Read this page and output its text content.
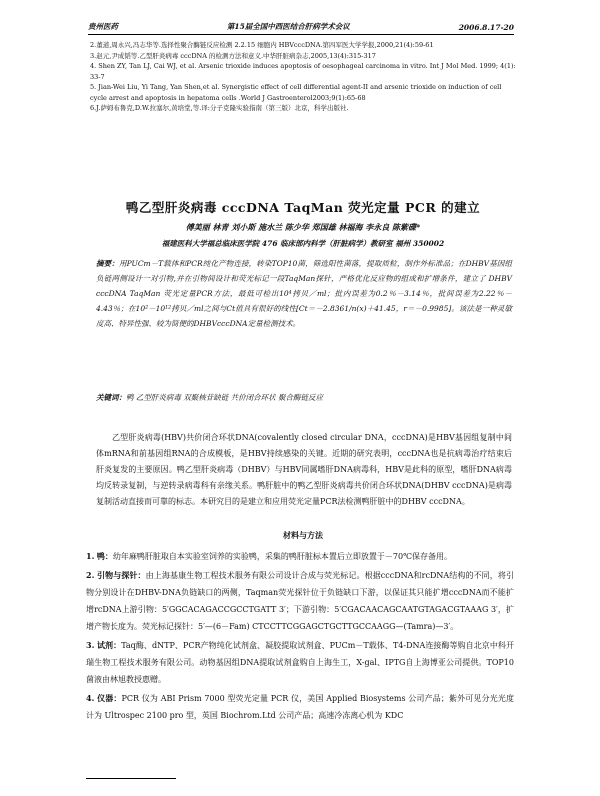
贵州医药	第15届全国中西医结合肝病学术会议	2006.8.17-20

2.董道,周永兴,冯志华等.选择性聚合酶链反应检测 2.2.15 细胞内 HBVcccDNA.第四军医大学学报,2000,21(4):59-61

3.赵元,尹成韬等.乙型肝炎病毒 cccDNA 的检测方法和意义.中华肝脏病杂志,2005,13(4):315-317

4. Shen ZY, Tan LJ, Cai WJ, et al. Arsenic trioxide induces apoptosis of oesophageal carcinoma in vitro. Int J Mol Med. 1999; 4(1): 33-7

5. Jian-Wei Liu, Yi Tang, Yan Shen,et al. Synergistic effect of cell differential agent-II and arsenic trioxide on induction of cell cycle arrest and apoptosis in hepatoma cells .World J Gastroenterol2003;9(1):65-68

6.J.萨姆布鲁克,D.W.拉塞尔,黄培堂,等.译:分子克隆实验指南（第三版）北京，科学出版社.

鸭乙型肝炎病毒 cccDNA TaqMan 荧光定量 PCR 的建立
傅美丽 林青 刘小斯 施水兰 陈少华 郑国雄 林福海 李永良 陈紫碟*
福建医科大学福总临床医学院 476 临床部内科学（肝脏病学）教研室 福州 350002
摘要：用PUCm－T载体和PCR纯化产物连接，转染TOP10菌，筛选阳性菌落，提取质粒，制作外标准品；在DHBV基因组负链两侧设计一对引物,并在引物间设计和荧光标记一段TaqMan探针，严格优化反应物的组成和扩增条件，建立了 DHBV cccDNA TaqMan 荧光定量PCR方法，最低可检出10⁴拷贝／ml；批内误差为0.2％－3.14％，批间误差为2.22％－4.43％；在10²－10¹²拷贝／ml之间与Ct值具有很好的线性[Ct＝－2.8361/n(x)＋41.45，r＝－0.9985]。该法是一种灵敏度高、特异性强、较为简便的DHBVcccDNA定量检测技术。
关键词：鸭 乙型肝炎病毒 双聚核苷缺链 共价闭合环状 聚合酶链反应
乙型肝炎病毒(HBV)共价闭合环状DNA(covalently closed circular DNA，cccDNA)是HBV基因组复制中间体mRNA和前基因组RNA的合成模板，是HBV持续感染的关键。近期的研究表明，cccDNA也是抗病毒治疗结束后肝炎复发的主要原因。鸭乙型肝炎病毒（DHBV）与HBV同属嗜肝DNA病毒科，HBV是此科的原型，嗜肝DNA病毒均反转录复制，与逆转录病毒科有亲缘关系。鸭肝脏中的鸭乙型肝炎病毒共价闭合环状DNA(DHBV cccDNA)是病毒复制活动直接而可靠的标志。本研究目的是建立和应用荧光定量PCR法检测鸭肝脏中的DHBV cccDNA。
材料与方法

1. 鸭：幼年麻鸭肝脏取自本实验室饲养的实验鸭，采集的鸭肝脏标本置后立即放置于－70℃保存备用。

2. 引物与探针：由上海基康生物工程技术服务有限公司设计合成与荧光标记。根据cccDNA和rcDNA结构的不同，将引物分别设计在DHBV-DNA负链缺口的两侧，Taqman荧光探针位于负链缺口下游，以保证其只能扩增cccDNA而不能扩增rcDNA上游引物：5′GGCACAGACCGCCTGATT 3′；下游引物：5′CGACAACAGCAATGTAGACGTAAAG 3′，扩增产物长度为。荧光标记探针：5′—(6－Fam) CTCCTTCGGAGCTGCTTGCCAAGG—(Tamra)—3′。

3. 试剂：Taq酶、dNTP、PCR产物纯化试剂盒、凝胶提取试剂盒、PUCm－T载体、T4-DNA连接酶等购自北京中科开瑞生物工程技术服务有限公司。动物基因组DNA提取试剂盒购自上海生工，X-gal、IPTG自上海博亚公司提供。TOP10菌液由林旭教授惠赠。

4. 仪器：PCR 仪为 ABI Prism 7000 型荧光定量 PCR 仪，美国 Applied Biosystems 公司产品；紫外可见分光光度计为 Ultrospec 2100 pro 型，英国 Biochrom.Ltd 公司产品；高速冷冻离心机为 KDC
